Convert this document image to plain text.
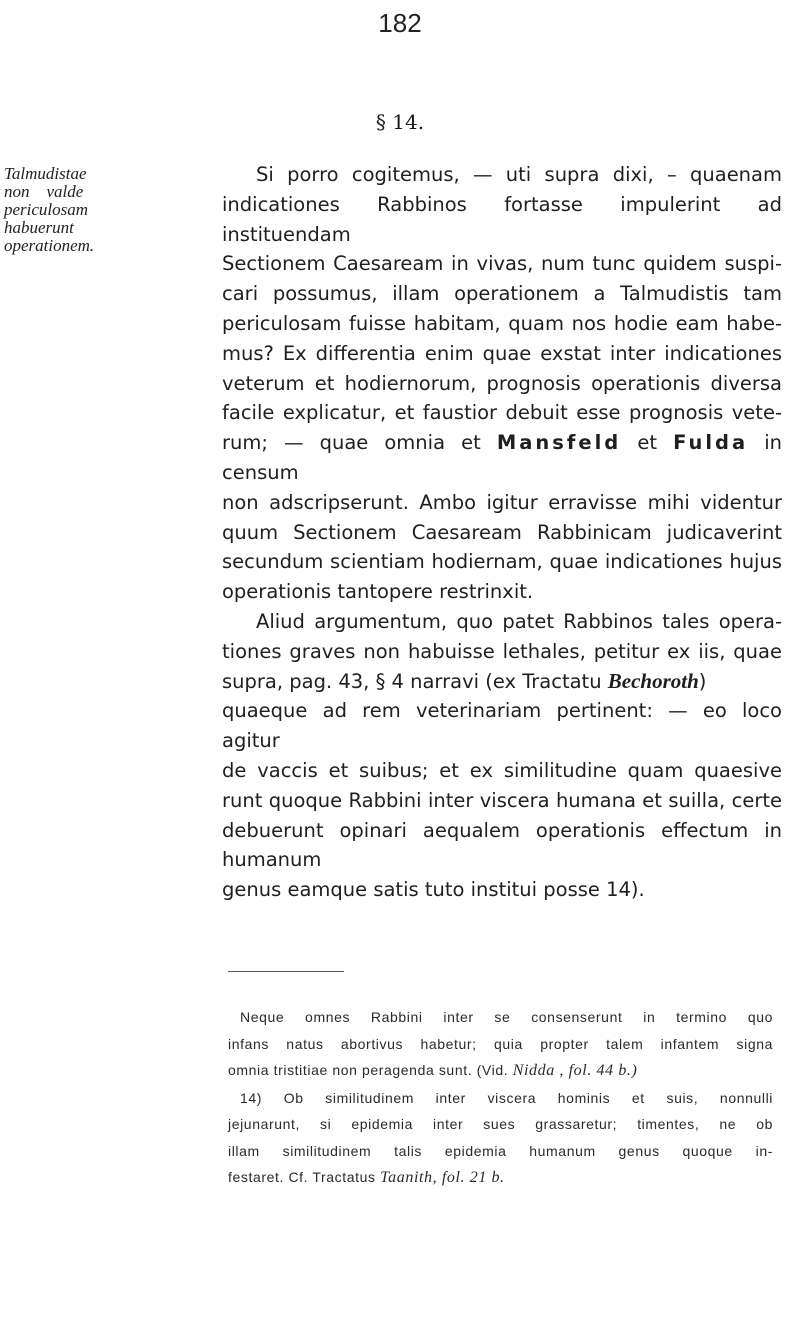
182
§ 14.
Talmudistae
non    valde
periculosam
habuerunt
operationem.

Si porro cogitemus, — uti supra dixi, – quaenam
indicationes Rabbinos fortasse impulerint ad instituendam
Sectionem Caesaream in vivas, num tunc quidem suspi-
cari possumus, illam operationem a Talmudistis tam
periculosam fuisse habitam, quam nos hodie eam habe-
mus? Ex differentia enim quae exstat inter indicationes
veterum et hodiernorum, prognosis operationis diversa
facile explicatur, et faustior debuit esse prognosis vete-
rum; — quae omnia et Mansfeld et Fulda in censum
non adscripserunt. Ambo igitur erravisse mihi videntur
quum Sectionem Caesaream Rabbinicam judicaverint
secundum scientiam hodiernam, quae indicationes hujus
operationis tantopere restrinxit.

Aliud argumentum, quo patet Rabbinos tales opera-
tiones graves non habuisse lethales, petitur ex iis, quae
supra, pag. 43, § 4 narravi (ex Tractatu Bechoroth)
quaeque ad rem veterinariam pertinent: — eo loco agitur
de vaccis et suibus; et ex similitudine quam quaesive
runt quoque Rabbini inter viscera humana et suilla, certe
debuerunt opinari aequalem operationis effectum in humanum
genus eamque satis tuto institui posse 14).

Neque omnes Rabbini inter se consenserunt in termino quo
infans natus abortivus habetur; quia propter talem infantem signa
omnia tristitiae non peragenda sunt. (Vid. Nidda , fol. 44 b.)
14) Ob similitudinem inter viscera hominis et suis, nonnulli
jejunarunt, si epidemia inter sues grassaretur; timentes, ne ob
illam similitudinem talis epidemia humanum genus quoque in-
festaret. Cf. Tractatus Taanith, fol. 21 b.
